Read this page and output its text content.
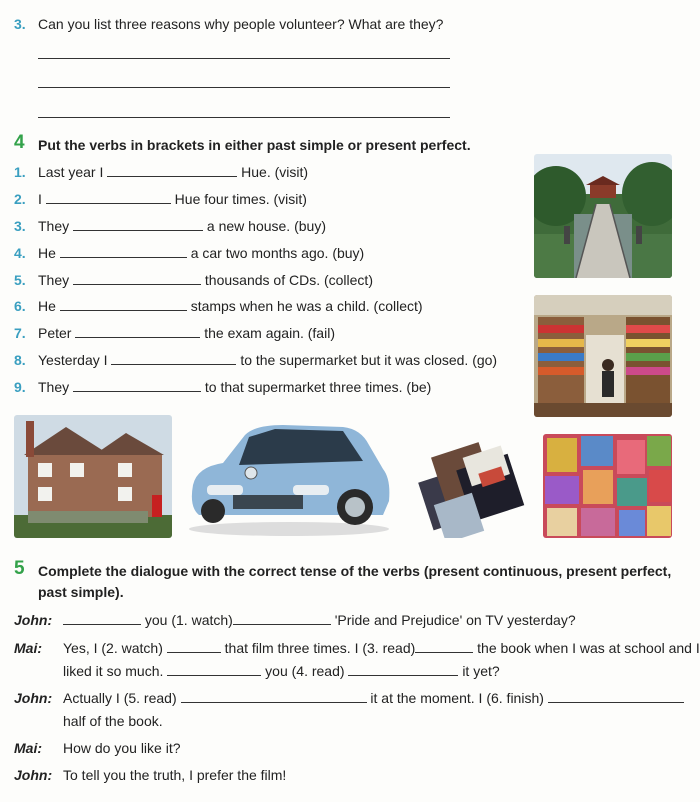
3. Can you list three reasons why people volunteer? What are they?
4 Put the verbs in brackets in either past simple or present perfect.
1. Last year I	Hue. (visit)
2. I	Hue four times. (visit)
3. They	a new house. (buy)
4. He	a car two months ago. (buy)
5. They	thousands of CDs. (collect)
6. He	stamps when he was a child. (collect)
7. Peter	the exam again. (fail)
8. Yesterday I	to the supermarket but it was closed. (go)
9. They	to that supermarket three times. (be)
5 Complete the dialogue with the correct tense of the verbs (present continuous, present perfect,
past simple).
John:	you (1. watch)	'Pride and Prejudice' on TV yesterday?
Mai: Yes, I (2. watch)	that film three times. I (3. read)	the book when I was at school and I
liked it so much.	you (4. read)	it yet?
John: Actually I (5. read)	it at the moment. I (6. finish)
half of the book.
Mai: How do you like it?
John: To tell you the truth, I prefer the film!
